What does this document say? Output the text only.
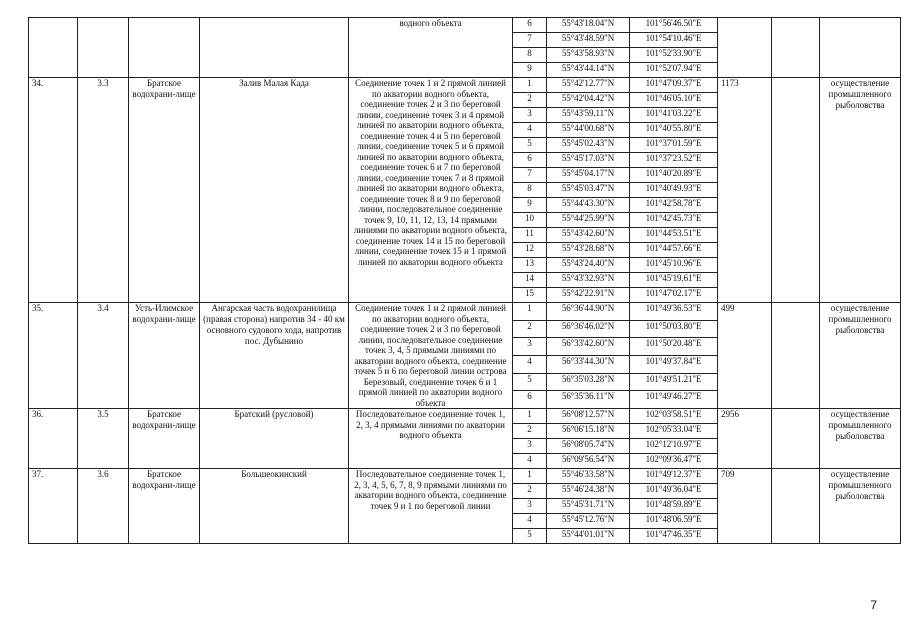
				водного объекта	6	55°43'18.04"N	101°56'46.50"E			
					7	55°43'48.59"N	101°54'10.46"E			
					8	55°43'58.93"N	101°52'33.90"E			
					9	55°43'44.14"N	101°52'07.94"E			
34.	3.3	Братское водохрани-лище	Залив Малая Када	Соединение точек 1 и 2 прямой линией по акватории водного объекта, соединение точек 2 и 3 по береговой линии, соединение точек 3 и 4 прямой линией по акватории водного объекта, соединение точек 4 и 5 по береговой линии, соединение точек 5 и 6 прямой линией по акватории водного объекта, соединение точек 6 и 7 по береговой линии, соединение точек 7 и 8 прямой линией по акватории водного объекта, соединение точек 8 и 9 по береговой линии, последовательное соединение точек 9, 10, 11, 12, 13, 14 прямыми линиями по акватории водного объекта, соединение точек 14 и 15 по береговой линии, соединение точек 15 и 1 прямой линией по акватории водного объекта	1	55°42'12.77"N	101°47'09.37"E	1173		осуществление промышленного рыболовства
					2	55°42'04.42"N	101°46'05.10"E			
					3	55°43'59.11"N	101°41'03.22"E			
					4	55°44'00.68"N	101°40'55.80"E			
					5	55°45'02.43"N	101°37'01.59"E			
					6	55°45'17.03"N	101°37'23.52"E			
					7	55°45'04.17"N	101°40'20.89"E			
					8	55°45'03.47"N	101°40'49.93"E			
					9	55°44'43.30"N	101°42'58.78"E			
					10	55°44'25.99"N	101°42'45.73"E			
					11	55°43'42.60"N	101°44'53.51"E			
					12	55°43'28.68"N	101°44'57.66"E			
					13	55°43'24.40"N	101°45'10.96"E			
					14	55°43'32.93"N	101°45'19.61"E			
					15	55°42'22.91"N	101°47'02.17"E			
35.	3.4	Усть-Илимское водохрани-лище	Ангарская часть водохранилища (правая сторона) напротив 34 - 40 км основного судового хода, напротив пос. Дубынино	Соединение точек 1 и 2 прямой линией по акватории водного объекта, соединение точек 2 и 3 по береговой линии, последовательное соединение точек 3, 4, 5 прямыми линиями по акватории водного объекта, соединение точек 5 и 6 по береговой линии острова Березовый, соединение точек 6 и 1 прямой линией по акватории водного объекта	1	56°36'44.90"N	101°49'36.53"E	499		осуществление промышленного рыболовства
					2	56°36'46.02"N	101°50'03.80"E			
					3	56°33'42.60"N	101°50'20.48"E			
					4	56°33'44.30"N	101°49'37.84"E			
					5	56°35'03.28"N	101°49'51.21"E			
					6	56°35'36.11"N	101°49'46.27"E			
36.	3.5	Братское водохрани-лище	Братский (русловой)	Последовательное соединение точек 1, 2, 3, 4 прямыми линиями по акватории водного объекта	1	56°08'12.57"N	102°03'58.51"E	2956		осуществление промышленного рыболовства
					2	56°06'15.18"N	102°05'33.04"E			
					3	56°08'05.74"N	102°12'10.97"E			
					4	56°09'56.54"N	102°09'36.47"E			
37.	3.6	Братское водохрани-лище	Большеокинский	Последовательное соединение точек 1, 2, 3, 4, 5, 6, 7, 8, 9 прямыми линиями по акватории водного объекта, соединение точек 9 и 1 по береговой линии	1	55°46'33.58"N	101°49'12.37"E	709		осуществление промышленного рыболовства
					2	55°46'24.38"N	101°49'36.04"E			
					3	55°45'31.71"N	101°48'59.89"E			
					4	55°45'12.76"N	101°48'06.59"E			
					5	55°44'01.01"N	101°47'46.35"E			
7
